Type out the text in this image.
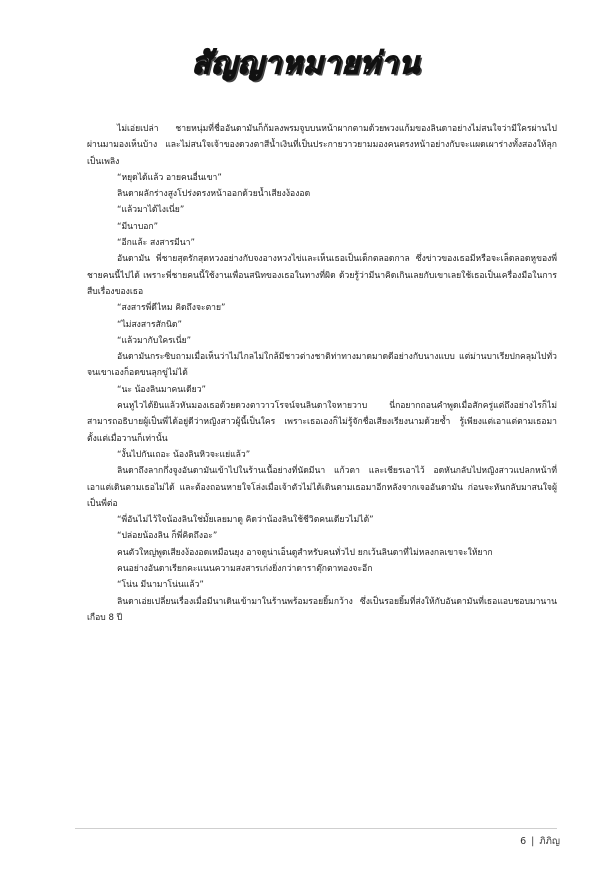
สัญญาหมายท่าน

ไม่เอ่ยเปล่า ชายหนุ่มที่ชื่ออันดามันก็ก้มลงพรมจูบบนหน้าผากตามด้วยพวงแก้มของลินดาอย่างไม่สนใจว่ามีใครผ่านไปผ่านมามองเห็นบ้าง และไม่สนใจเจ้าของดวงตาสีน้ำเงินที่เป็นประกายวาวยามมองคนตรงหน้าอย่างกับจะแผดเผาร่างทั้งสองให้ลุกเป็นเพลิง

“หยุดได้แล้ว อายคนอื่นเขา”

ลินดาผลักร่างสูงโปร่งตรงหน้าออกด้วยน้ำเสียงง้องอด

“แล้วมาได้ไงเนี่ย”

“มีนาบอก”

“อีกแล้ะ สงสารมีนา”

อันดามัน พี่ชายสุดรักสุดหวงอย่างกับจงอางหวงไข่และเห็นเธอเป็นเด็กตลอดกาล ซึ่งข่าวของเธอมีหรือจะเล็ดลอดหูของพี่ชายคนนี้ไปได้ เพราะพี่ชายคนนี้ใช้งานเพื่อนสนิทของเธอในทางที่ผิด ด้วยรู้ว่ามีนาคิดเกินเลยกับเขาเลยใช้เธอเป็นเครื่องมือในการสืบเรื่องของเธอ

“สงสารพี่ดีไหม คิดถึงจะตาย”

“ไม่สงสารสักนิด”

“แล้วมากับใครเนี่ย”

อันดามันกระซิบถามเมื่อเห็นว่าไม่ไกลไม่ใกล้มีชาวต่างชาติท่าทางมาดมาดดีอย่างกับนางแบบ แต่ม่านบาเรียปกคลุมไปทั่วจนเขาเองก็อดขนลุกขู่ไม่ได้

“นะ น้องลินมาคนเดียว”

คนหูไวได้ยินแล้วหันมองเธอด้วยดวงตาวาวโรจน์จนลินดาใจหายวาบ นี่กอยากถอนคำพูดเมื่อสักครู่แต่ถึงอย่างไรก็ไม่สามารถอธิบายผู้เป็นพี่ได้อยู่ดีว่าหญิงสาวผู้นี้เป็นใคร เพราะเธอเองก็ไม่รู้จักชื่อเสียงเรียงนามด้วยซ้ำ รู้เพียงแต่เอาแต่ตามเธอมาตั้งแต่เมื่อวานก็เท่านั้น

“งั้นไปกันเถอะ น้องลินหิวจะแย่แล้ว”

ลินดาถึงลากกึ่งจูงอันดามันเข้าไปในร้านเนื้อย่างที่นัดมีนา แก้วตา และเชียรเอาไว้ อดหันกลับไปหญิงสาวแปลกหน้าที่เอาแต่เดินตามเธอไม่ได้ และต้องถอนหายใจโล่งเมื่อเจ้าตัวไม่ได้เดินตามเธอมาอีกหลังจากเจออันดามัน ก่อนจะหันกลับมาสนใจผู้เป็นพี่ต่อ

“พี่อันไม่ไว้ใจน้องลินใช่มั้ยเลยมาดู คิดว่าน้องลินใช้ชีวิตคนเดียวไม่ได้”

“ปล่อยน้องลิน ก็พี่คิดถึงอะ”

คนตัวใหญ่พูดเสียงง้องอดเหมือนยุง อาจดูน่าเอ็นดูสำหรับคนทั่วไป ยกเว้นลินดาที่ไม่หลงกลเขาจะให้ยาก

คนอย่างอันดาเรียกคะแนนความสงสารเก่งยิ่งกว่าดาราตุ๊กตาทองจะอีก

“โน่น มีนามาโน่นแล้ว”

ลินดาเอ่ยเปลี่ยนเรื่องเมื่อมีนาเดินเข้ามาในร้านพร้อมรอยยิ้มกว้าง ซึ่งเป็นรอยยิ้มที่ส่งให้กับอันดามันที่เธอแอบชอบมานานเกือบ 8 ปี

6 | ภิภิญ
